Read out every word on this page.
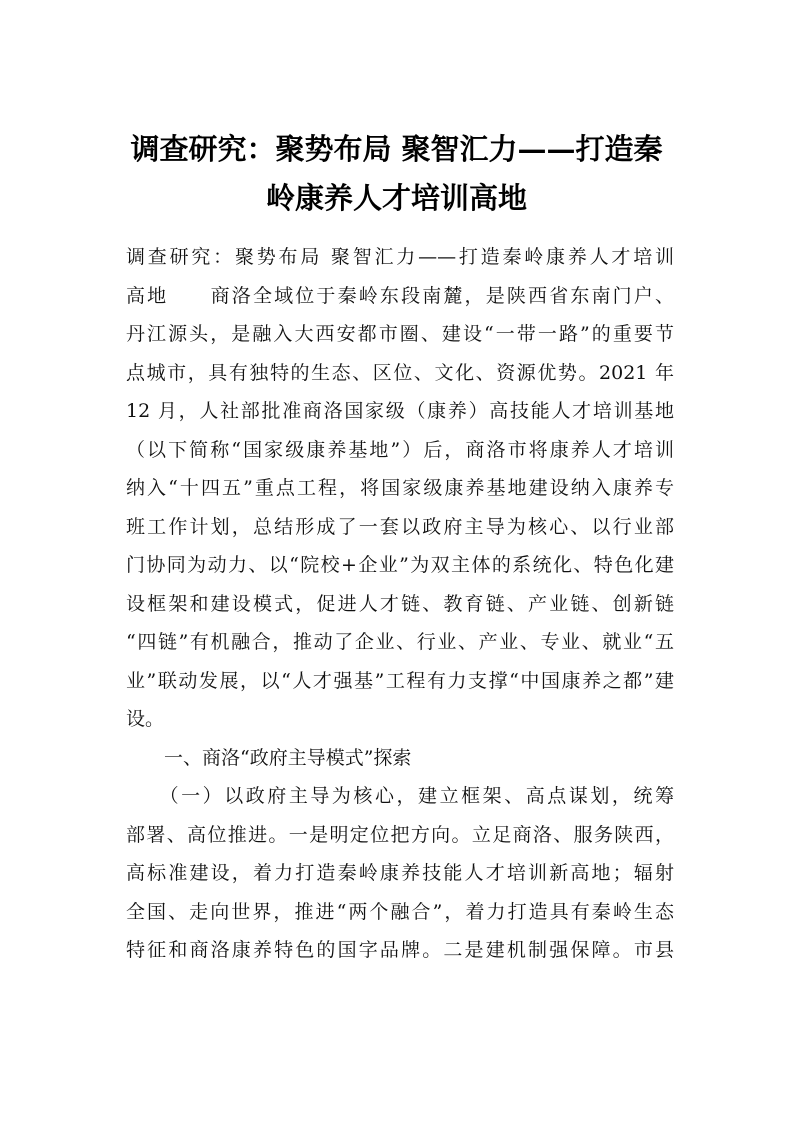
调查研究：聚势布局 聚智汇力——打造秦
岭康养人才培训高地
调查研究：聚势布局 聚智汇力——打造秦岭康养人才培训
高地　　商洛全域位于秦岭东段南麓，是陕西省东南门户、
丹江源头，是融入大西安都市圈、建设“一带一路”的重要节
点城市，具有独特的生态、区位、文化、资源优势。2021 年
12 月，人社部批准商洛国家级（康养）高技能人才培训基地
（以下简称“国家级康养基地”）后，商洛市将康养人才培训
纳入“十四五”重点工程，将国家级康养基地建设纳入康养专
班工作计划，总结形成了一套以政府主导为核心、以行业部
门协同为动力、以“院校+企业”为双主体的系统化、特色化建
设框架和建设模式，促进人才链、教育链、产业链、创新链
“四链”有机融合，推动了企业、行业、产业、专业、就业“五
业”联动发展，以“人才强基”工程有力支撑“中国康养之都”建
设。
　　一、商洛“政府主导模式”探索
　　（一）以政府主导为核心，建立框架、高点谋划，统筹
部署、高位推进。一是明定位把方向。立足商洛、服务陕西，
高标准建设，着力打造秦岭康养技能人才培训新高地；辐射
全国、走向世界，推进“两个融合”，着力打造具有秦岭生态
特征和商洛康养特色的国字品牌。二是建机制强保障。市县
